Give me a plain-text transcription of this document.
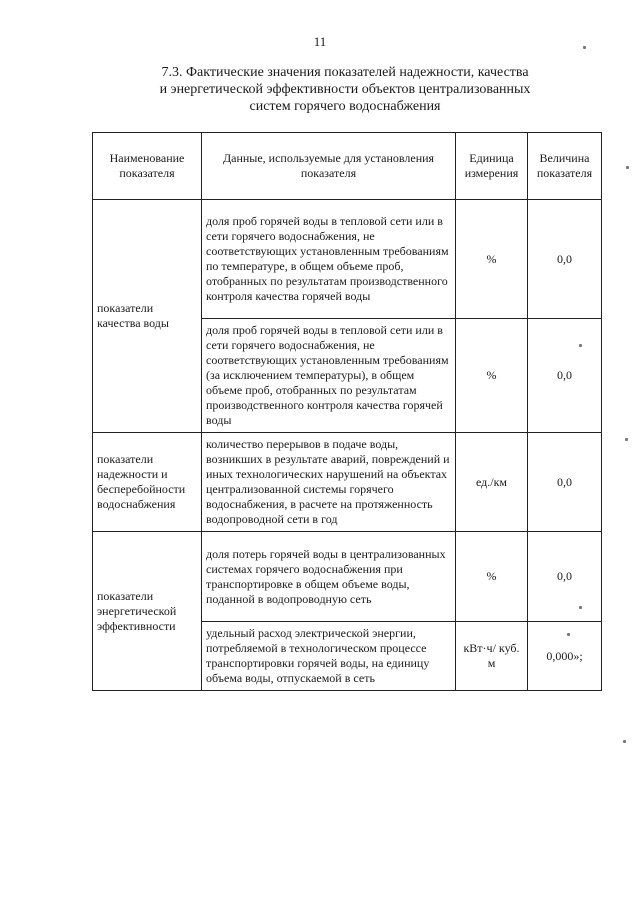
11
7.3. Фактические значения показателей надежности, качества
и энергетической эффективности объектов централизованных
систем горячего водоснабжения
Наименование показателя	Данные, используемые для установления показателя	Единица измерения	Величина показателя
показатели качества воды	доля проб горячей воды в тепловой сети или в сети горячего водоснабжения, не соответствующих установленным требованиям по температуре, в общем объеме проб, отобранных по результатам производственного контроля качества горячей воды	%	0,0
	доля проб горячей воды в тепловой сети или в сети горячего водоснабжения, не соответствующих установленным требованиям (за исключением температуры), в общем объеме проб, отобранных по результатам производственного контроля качества горячей воды	%	0,0
показатели надежности и бесперебойности водоснабжения	количество перерывов в подаче воды, возникших в результате аварий, повреждений и иных технологических нарушений на объектах централизованной системы горячего водоснабжения, в расчете на протяженность водопроводной сети в год	ед./км	0,0
показатели энергетической эффективности	доля потерь горячей воды в централизованных системах горячего водоснабжения при транспортировке в общем объеме воды, поданной в водопроводную сеть	%	0,0
	удельный расход электрической энергии, потребляемой в технологическом процессе транспортировки горячей воды, на единицу объема воды, отпускаемой в сеть	кВт·ч/ куб. м	0,000»;
